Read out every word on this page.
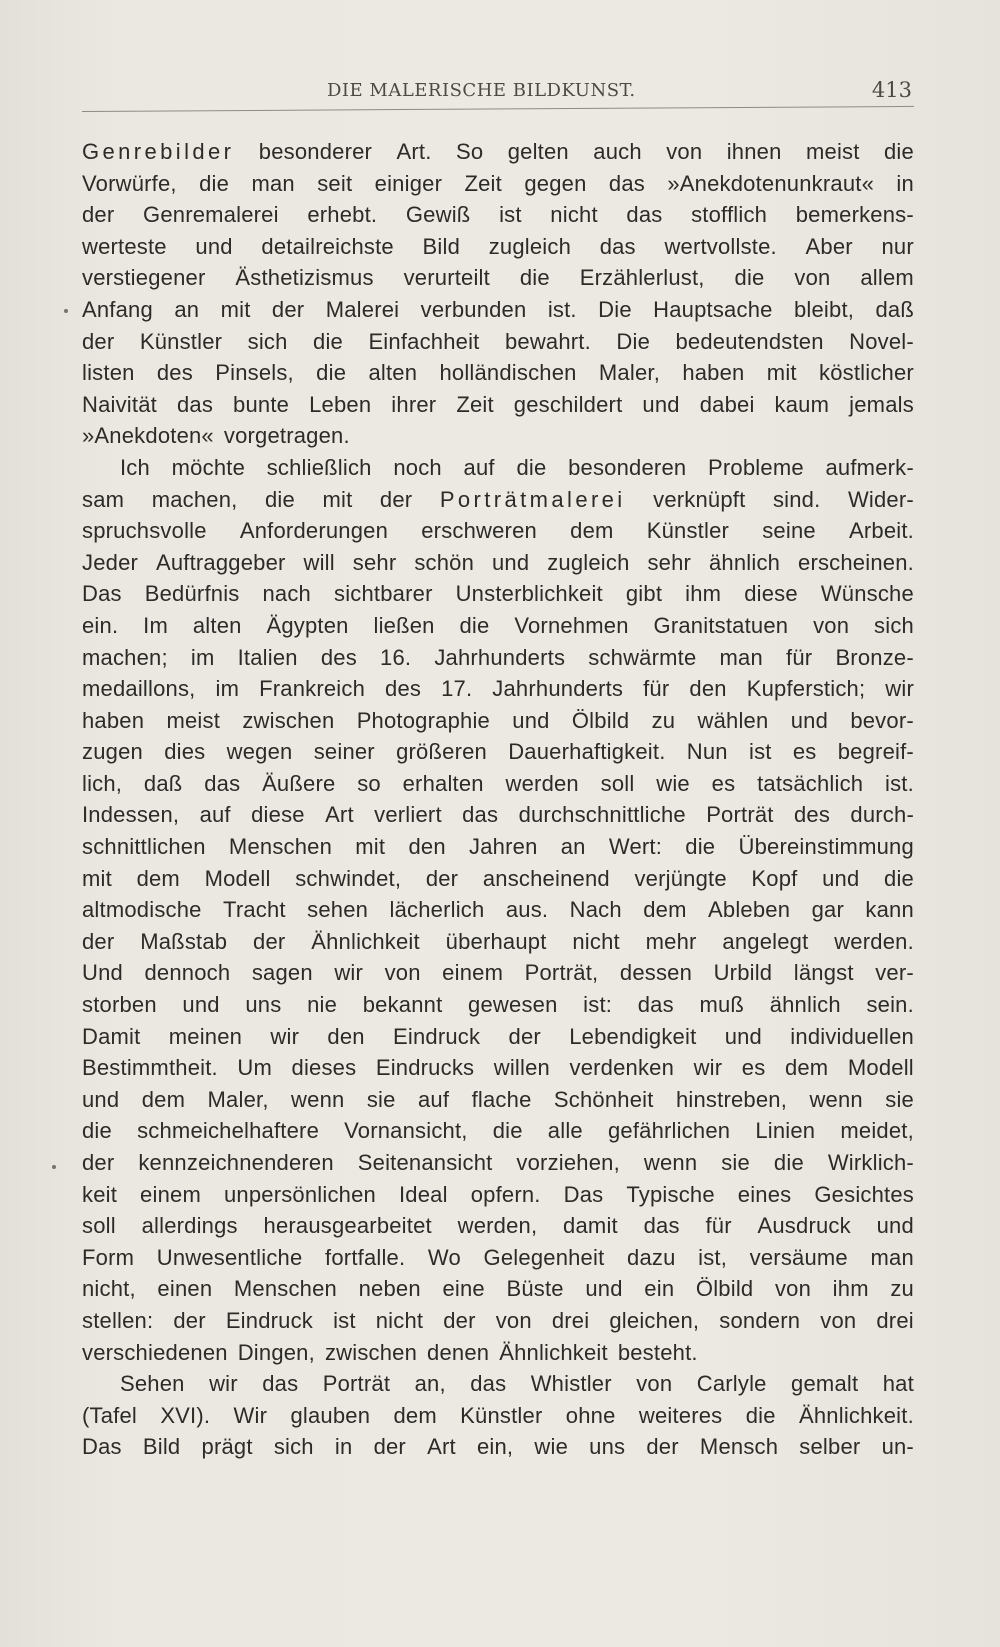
DIE MALERISCHE BILDKUNST.	413
Genrebilder besonderer Art. So gelten auch von ihnen meist die
Vorwürfe, die man seit einiger Zeit gegen das »Anekdotenunkraut« in
der Genremalerei erhebt. Gewiß ist nicht das stofflich bemerkens-
werteste und detailreichste Bild zugleich das wertvollste. Aber nur
verstiegener Ästhetizismus verurteilt die Erzählerlust, die von allem
Anfang an mit der Malerei verbunden ist. Die Hauptsache bleibt, daß
der Künstler sich die Einfachheit bewahrt. Die bedeutendsten Novel-
listen des Pinsels, die alten holländischen Maler, haben mit köstlicher
Naivität das bunte Leben ihrer Zeit geschildert und dabei kaum jemals
»Anekdoten« vorgetragen.
Ich möchte schließlich noch auf die besonderen Probleme aufmerk-
sam machen, die mit der Porträtmalerei verknüpft sind. Wider-
spruchsvolle Anforderungen erschweren dem Künstler seine Arbeit.
Jeder Auftraggeber will sehr schön und zugleich sehr ähnlich erscheinen.
Das Bedürfnis nach sichtbarer Unsterblichkeit gibt ihm diese Wünsche
ein. Im alten Ägypten ließen die Vornehmen Granitstatuen von sich
machen; im Italien des 16. Jahrhunderts schwärmte man für Bronze-
medaillons, im Frankreich des 17. Jahrhunderts für den Kupferstich; wir
haben meist zwischen Photographie und Ölbild zu wählen und bevor-
zugen dies wegen seiner größeren Dauerhaftigkeit. Nun ist es begreif-
lich, daß das Äußere so erhalten werden soll wie es tatsächlich ist.
Indessen, auf diese Art verliert das durchschnittliche Porträt des durch-
schnittlichen Menschen mit den Jahren an Wert: die Übereinstimmung
mit dem Modell schwindet, der anscheinend verjüngte Kopf und die
altmodische Tracht sehen lächerlich aus. Nach dem Ableben gar kann
der Maßstab der Ähnlichkeit überhaupt nicht mehr angelegt werden.
Und dennoch sagen wir von einem Porträt, dessen Urbild längst ver-
storben und uns nie bekannt gewesen ist: das muß ähnlich sein.
Damit meinen wir den Eindruck der Lebendigkeit und individuellen
Bestimmtheit. Um dieses Eindrucks willen verdenken wir es dem Modell
und dem Maler, wenn sie auf flache Schönheit hinstreben, wenn sie
die schmeichelhaftere Vornansicht, die alle gefährlichen Linien meidet,
der kennzeichnenderen Seitenansicht vorziehen, wenn sie die Wirklich-
keit einem unpersönlichen Ideal opfern. Das Typische eines Gesichtes
soll allerdings herausgearbeitet werden, damit das für Ausdruck und
Form Unwesentliche fortfalle. Wo Gelegenheit dazu ist, versäume man
nicht, einen Menschen neben eine Büste und ein Ölbild von ihm zu
stellen: der Eindruck ist nicht der von drei gleichen, sondern von drei
verschiedenen Dingen, zwischen denen Ähnlichkeit besteht.
Sehen wir das Porträt an, das Whistler von Carlyle gemalt hat
(Tafel XVI). Wir glauben dem Künstler ohne weiteres die Ähnlichkeit.
Das Bild prägt sich in der Art ein, wie uns der Mensch selber un-
